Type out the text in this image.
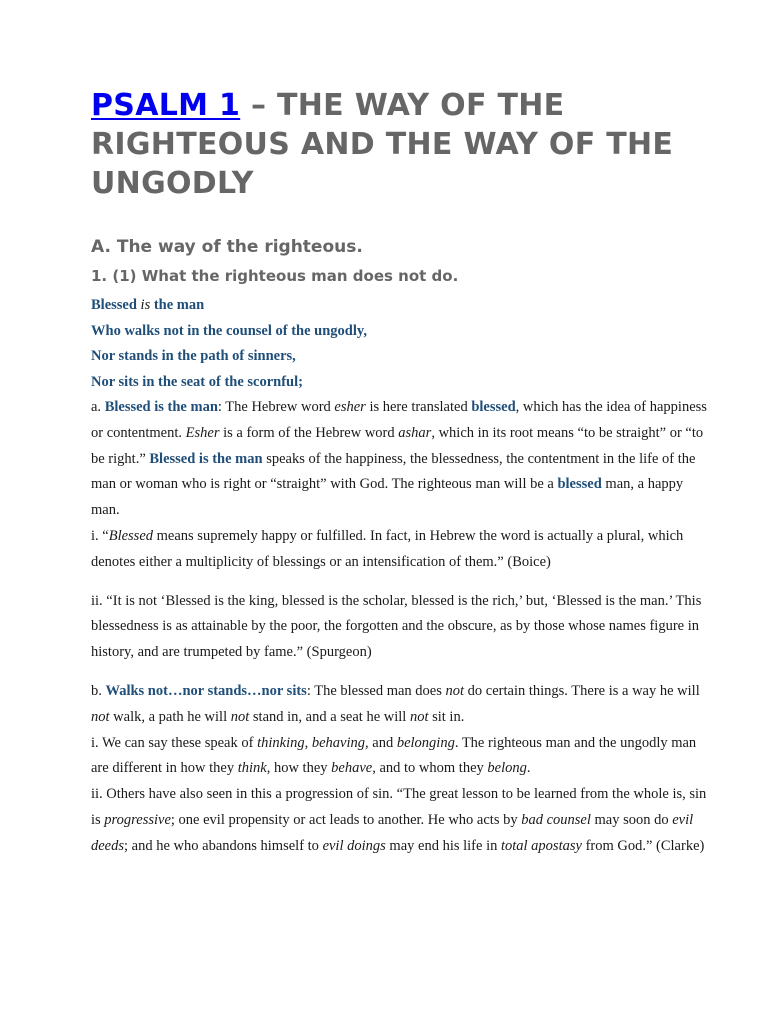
PSALM 1 – THE WAY OF THE RIGHTEOUS AND THE WAY OF THE UNGODLY
A. The way of the righteous.
1. (1) What the righteous man does not do.
Blessed is the man
Who walks not in the counsel of the ungodly,
Nor stands in the path of sinners,
Nor sits in the seat of the scornful;

a. Blessed is the man: The Hebrew word esher is here translated blessed, which has the idea of happiness or contentment. Esher is a form of the Hebrew word ashar, which in its root means “to be straight” or “to be right.” Blessed is the man speaks of the happiness, the blessedness, the contentment in the life of the man or woman who is right or “straight” with God. The righteous man will be a blessed man, a happy man.

i. “Blessed means supremely happy or fulfilled. In fact, in Hebrew the word is actually a plural, which denotes either a multiplicity of blessings or an intensification of them.” (Boice)

ii. “It is not ‘Blessed is the king, blessed is the scholar, blessed is the rich,’ but, ‘Blessed is the man.’ This blessedness is as attainable by the poor, the forgotten and the obscure, as by those whose names figure in history, and are trumpeted by fame.” (Spurgeon)

b. Walks not…nor stands…nor sits: The blessed man does not do certain things. There is a way he will not walk, a path he will not stand in, and a seat he will not sit in.

i. We can say these speak of thinking, behaving, and belonging. The righteous man and the ungodly man are different in how they think, how they behave, and to whom they belong.

ii. Others have also seen in this a progression of sin. “The great lesson to be learned from the whole is, sin is progressive; one evil propensity or act leads to another. He who acts by bad counsel may soon do evil deeds; and he who abandons himself to evil doings may end his life in total apostasy from God.” (Clarke)
